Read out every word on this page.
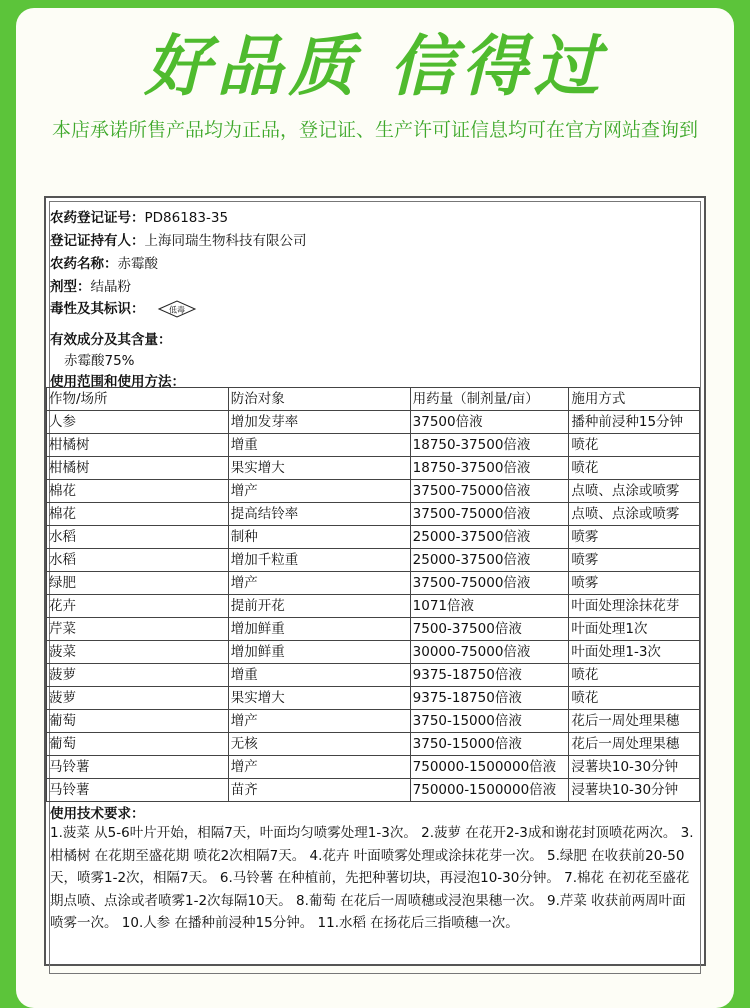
好品质 信得过
本店承诺所售产品均为正品，登记证、生产许可证信息均可在官方网站查询到
农药登记证号：PD86183-35
登记证持有人：上海同瑞生物科技有限公司
农药名称：赤霉酸
剂型：结晶粉
毒性及其标识：	低毒
有效成分及其含量：
赤霉酸75%
使用范围和使用方法：
作物/场所	防治对象	用药量（制剂量/亩）	施用方式
人参	增加发芽率	37500倍液	播种前浸种15分钟
柑橘树	增重	18750-37500倍液	喷花
柑橘树	果实增大	18750-37500倍液	喷花
棉花	增产	37500-75000倍液	点喷、点涂或喷雾
棉花	提高结铃率	37500-75000倍液	点喷、点涂或喷雾
水稻	制种	25000-37500倍液	喷雾
水稻	增加千粒重	25000-37500倍液	喷雾
绿肥	增产	37500-75000倍液	喷雾
花卉	提前开花	1071倍液	叶面处理涂抹花芽
芹菜	增加鲜重	7500-37500倍液	叶面处理1次
菠菜	增加鲜重	30000-75000倍液	叶面处理1-3次
菠萝	增重	9375-18750倍液	喷花
菠萝	果实增大	9375-18750倍液	喷花
葡萄	增产	3750-15000倍液	花后一周处理果穗
葡萄	无核	3750-15000倍液	花后一周处理果穗
马铃薯	增产	750000-1500000倍液	浸薯块10-30分钟
马铃薯	苗齐	750000-1500000倍液	浸薯块10-30分钟
使用技术要求：
1.菠菜 从5-6叶片开始，相隔7天，叶面均匀喷雾处理1-3次。 2.菠萝 在花开2-3成和谢花封顶喷花两次。 3.柑橘树 在花期至盛花期 喷花2次相隔7天。 4.花卉 叶面喷雾处理或涂抹花芽一次。 5.绿肥 在收获前20-50天，喷雾1-2次，相隔7天。 6.马铃薯 在种植前，先把种薯切块，再浸泡10-30分钟。 7.棉花 在初花至盛花期点喷、点涂或者喷雾1-2次每隔10天。 8.葡萄 在花后一周喷穗或浸泡果穗一次。 9.芹菜 收获前两周叶面喷雾一次。 10.人参 在播种前浸种15分钟。 11.水稻 在扬花后三指喷穗一次。
